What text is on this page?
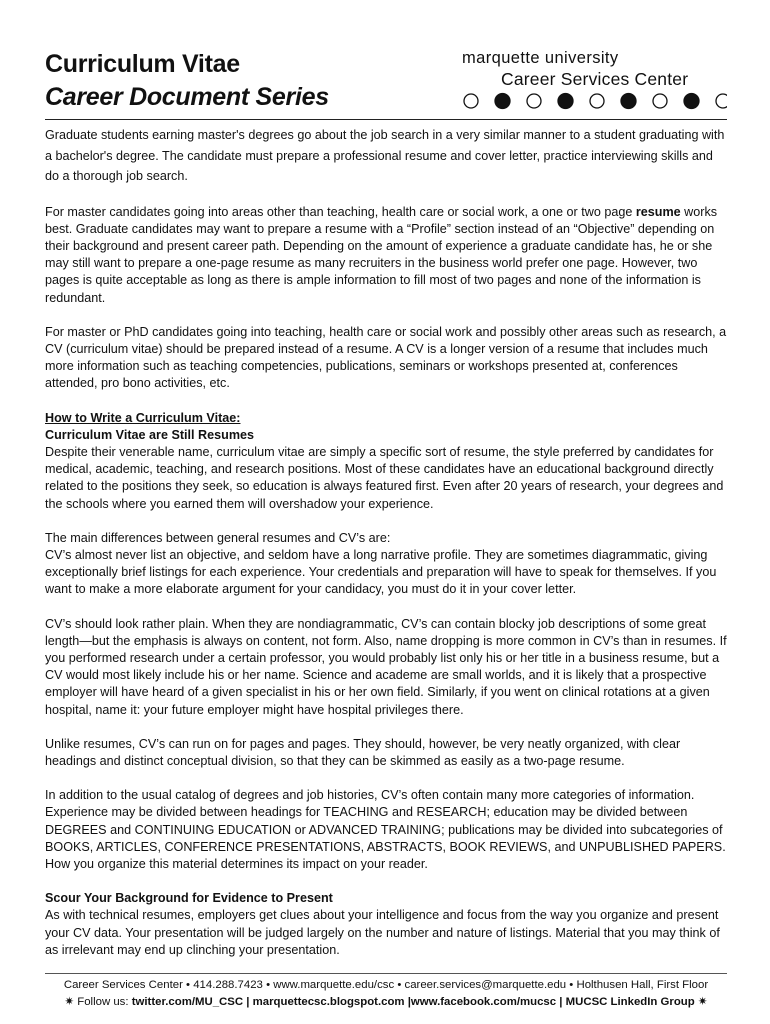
Curriculum Vitae
Career Document Series
marquette university
Career Services Center

Graduate students earning master's degrees go about the job search in a very similar manner to a student graduating with a bachelor's degree. The candidate must prepare a professional resume and cover letter, practice interviewing skills and do a thorough job search.

For master candidates going into areas other than teaching, health care or social work, a one or two page resume works best. Graduate candidates may want to prepare a resume with a “Profile” section instead of an “Objective” depending on their background and present career path. Depending on the amount of experience a graduate candidate has, he or she may still want to prepare a one-page resume as many recruiters in the business world prefer one page. However, two pages is quite acceptable as long as there is ample information to fill most of two pages and none of the information is redundant.

For master or PhD candidates going into teaching, health care or social work and possibly other areas such as research, a CV (curriculum vitae) should be prepared instead of a resume. A CV is a longer version of a resume that includes much more information such as teaching competencies, publications, seminars or workshops presented at, conferences attended, pro bono activities, etc.

How to Write a Curriculum Vitae:
Curriculum Vitae are Still Resumes

Despite their venerable name, curriculum vitae are simply a specific sort of resume, the style preferred by candidates for medical, academic, teaching, and research positions. Most of these candidates have an educational background directly related to the positions they seek, so education is always featured first. Even after 20 years of research, your degrees and the schools where you earned them will overshadow your experience.

The main differences between general resumes and CV’s are:
CV’s almost never list an objective, and seldom have a long narrative profile. They are sometimes diagrammatic, giving exceptionally brief listings for each experience. Your credentials and preparation will have to speak for themselves. If you want to make a more elaborate argument for your candidacy, you must do it in your cover letter.

CV’s should look rather plain. When they are nondiagrammatic, CV’s can contain blocky job descriptions of some great length—but the emphasis is always on content, not form. Also, name dropping is more common in CV’s than in resumes. If you performed research under a certain professor, you would probably list only his or her title in a business resume, but a CV would most likely include his or her name. Science and academe are small worlds, and it is likely that a prospective employer will have heard of a given specialist in his or her own field. Similarly, if you went on clinical rotations at a given hospital, name it: your future employer might have hospital privileges there.

Unlike resumes, CV’s can run on for pages and pages. They should, however, be very neatly organized, with clear headings and distinct conceptual division, so that they can be skimmed as easily as a two-page resume.

In addition to the usual catalog of degrees and job histories, CV’s often contain many more categories of information. Experience may be divided between headings for TEACHING and RESEARCH; education may be divided between DEGREES and CONTINUING EDUCATION or ADVANCED TRAINING; publications may be divided into subcategories of BOOKS, ARTICLES, CONFERENCE PRESENTATIONS, ABSTRACTS, BOOK REVIEWS, and UNPUBLISHED PAPERS. How you organize this material determines its impact on your reader.

Scour Your Background for Evidence to Present

As with technical resumes, employers get clues about your intelligence and focus from the way you organize and present your CV data. Your presentation will be judged largely on the number and nature of listings. Material that you may think of as irrelevant may end up clinching your presentation.

Career Services Center • 414.288.7423 • www.marquette.edu/csc • career.services@marquette.edu • Holthusen Hall, First Floor
✷ Follow us: twitter.com/MU_CSC | marquettecsc.blogspot.com |www.facebook.com/mucsc | MUCSC LinkedIn Group ✷
